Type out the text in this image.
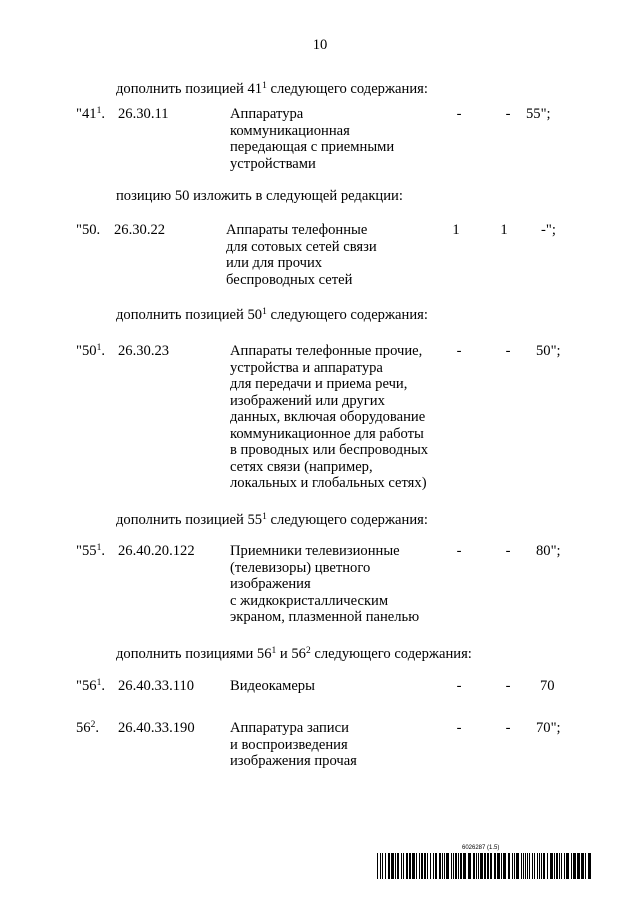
10
дополнить позицией $41^1$ следующего содержания:
"$41^1$. 26.30.11	Аппаратура
коммуникационная
передающая с приемными
устройствами
-	-	55";
позицию 50 изложить в следующей редакции:
"50. 26.30.22	Аппараты телефонные
для сотовых сетей связи
или для прочих
беспроводных сетей
1	1	-";
дополнить позицией $50^1$ следующего содержания:
"$50^1$. 26.30.23	Аппараты телефонные прочие,
устройства и аппаратура
для передачи и приема речи,
изображений или других
данных, включая оборудование
коммуникационное для работы
в проводных или беспроводных
сетях связи (например,
локальных и глобальных сетях)
-	-	50";
дополнить позицией $55^1$ следующего содержания:
"$55^1$. 26.40.20.122 Приемники телевизионные
(телевизоры) цветного
изображения
с жидкокристаллическим
экраном, плазменной панелью
-	-	80";
дополнить позициями $56^1$ и $56^2$ следующего содержания:
"$56^1$. 26.40.33.110 Видеокамеры	-	-	70
$56^2$. 26.40.33.190 Аппаратура записи
и воспроизведения
изображения прочая
-	-	70";
6026287 (1.5)
